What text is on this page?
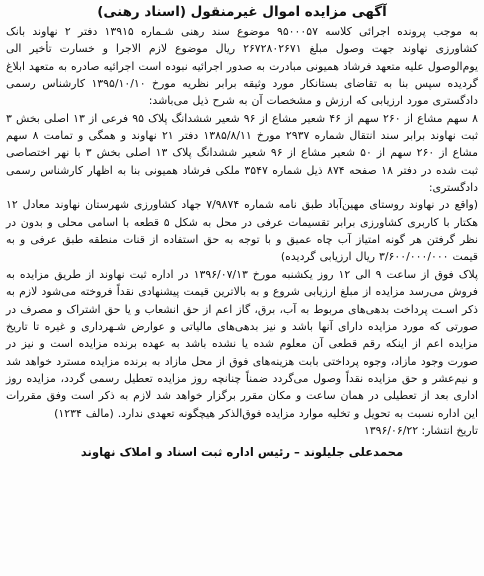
آگهی مزایده اموال غیرمنقول (اسناد رهنی)

به موجب پرونده اجرائی کلاسه ۹۵۰۰۰۵۷ موضوع سند رهنی شـماره ۱۳۹۱۵ دفتر ۲ نهاوند بانک کشاورزی نهاوند جهت وصول مبلغ ۲۶۷۲۸۰۲۶۷۱ ریال موضوع لازم الاجرا و خسارت تأخیر الی یوم‌الوصول علیه متعهد فرشاد همیونی مبادرت به صدور اجرائیه نبوده است اجرائیه صادره به متعهد ابلاغ گردیده سپس بنا به تقاضای بستانکار مورد وثیقه برابر نظریه مورخ ۱۳۹۵/۱۰/۱۰ کارشناس رسمی دادگستری مورد ارزیابی که ارزش و مشخصات آن به شرح ذیل می‌باشد:

۸ سهم مشاع از ۲۶۰ سهم از ۴۶ شعیر مشاع از ۹۶ شعیر ششدانگ پلاک ۹۵ فرعی از ۱۳ اصلی بخش ۳ ثبت نهاوند برابر سند انتقال شماره ۲۹۳۷ مورخ ۱۳۸۵/۸/۱۱ دفتر ۲۱ نهاوند و همگی و تمامت ۸ سهم مشاع از ۲۶۰ سهم از ۵۰ شعیر مشاع از ۹۶ شعیر ششدانگ پلاک ۱۳ اصلی بخش ۳ با نهر اختصاصی ثبت شده در دفتر ۱۸ صفحه ۸۷۴ ذیل شماره ۳۵۴۷ ملکی فرشاد همیونی بنا به اظهار کارشناس رسمی دادگستری:

(واقع در نهاوند روستای مهین‌آباد طبق نامه شماره ۷/۹۸۷۴ جهاد کشاورزی شهرستان نهاوند معادل ۱۲ هکتار با کاربری کشاورزی برابر تقسیمات عرفی در محل به شکل ۵ قطعه با اسامی محلی و بدون در نظر گرفتن هر گونه امتیاز آب چاه عمیق و با توجه به حق استفاده از قنات منطقه طبق عرفی و به قیمت ۳/۶۰۰/۰۰۰/۰۰۰ ریال ارزیابی گردیده)

پلاک فوق از ساعت ۹ الی ۱۲ روز یکشنبه مورخ ۱۳۹۶/۰۷/۱۳ در اداره ثبت نهاوند از طریق مزایده به فروش می‌رسد مزایده از مبلغ ارزیابی شروع و به بالاترین قیمت پیشنهادی نقداً فروخته می‌شود لازم به ذکر اسـت پرداخت بدهی‌های مربوط به آب، برق، گاز اعم از حق انشعاب و یا حق اشتراک و مصرف در صورتی که مورد مزایده دارای آنها باشد و نیز بدهی‌های مالیاتی و عوارض شـهرداری و غیره تا تاریخ مزایده اعم از اینکه رقم قطعی آن معلوم شده یا نشده باشد به عهده برنده مزایده است و نیز در صورت وجود مازاد، وجوه پرداختی بابت هزینه‌های فوق از محل مازاد به برنده مزایده مسترد خواهد شد و نیم‌عشر و حق مزایده نقداً وصول می‌گردد ضمناً چنانچه روز مزایده تعطیل رسمی گردد، مزایده روز اداری بعد از تعطیلی در همان ساعت و مکان مقرر برگزار خواهد شد لازم به ذکر است وفق مقررات این اداره نسبت به تحویل و تخلیه موارد مزایده فوق‌الذکر هیچگونه تعهدی ندارد. (مالف ۱۲۳۴)

تاریخ انتشار: ۱۳۹۶/۰۶/۲۲

محمدعلی جلیلوند – رئیس اداره ثبت اسناد و املاک نهاوند
